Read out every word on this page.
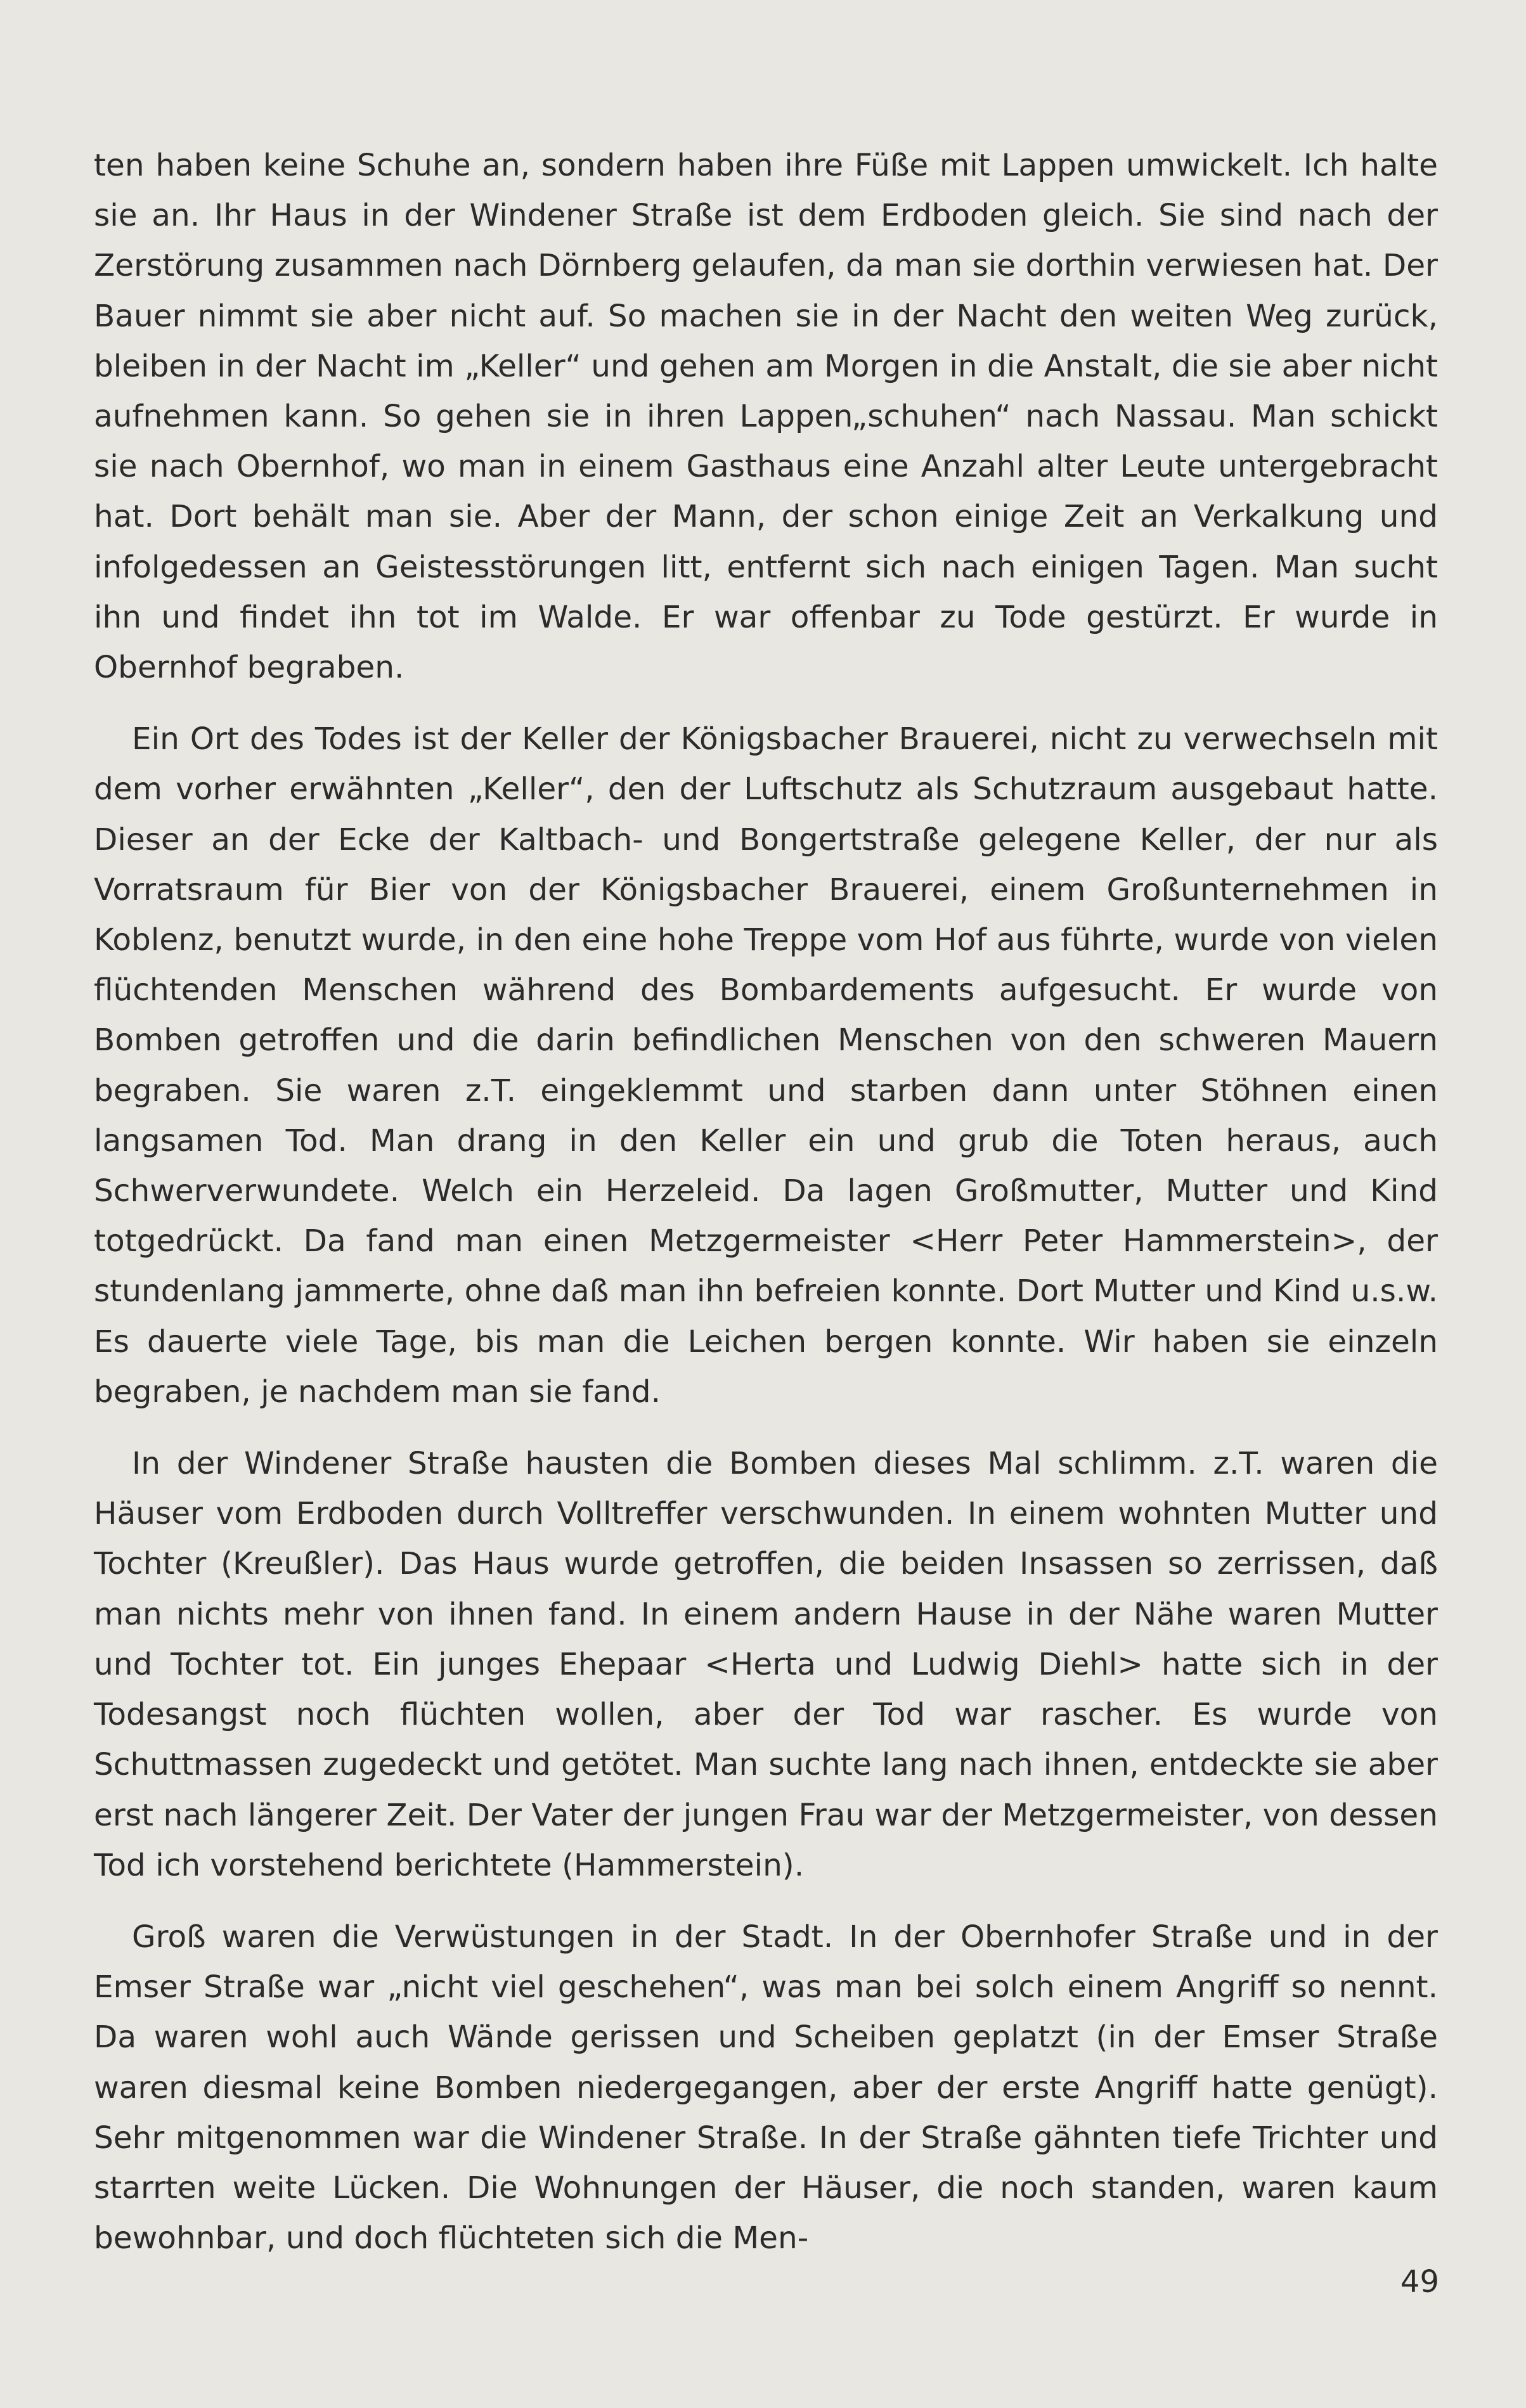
ten haben keine Schuhe an, sondern haben ihre Füße mit Lappen umwickelt. Ich halte sie an. Ihr Haus in der Windener Straße ist dem Erdboden gleich. Sie sind nach der Zerstörung zusammen nach Dörnberg gelaufen, da man sie dorthin verwiesen hat. Der Bauer nimmt sie aber nicht auf. So machen sie in der Nacht den weiten Weg zurück, bleiben in der Nacht im „Keller“ und gehen am Morgen in die Anstalt, die sie aber nicht aufnehmen kann. So gehen sie in ihren Lappen„schuhen“ nach Nassau. Man schickt sie nach Obernhof, wo man in einem Gasthaus eine Anzahl alter Leute untergebracht hat. Dort behält man sie. Aber der Mann, der schon einige Zeit an Verkalkung und infolgedessen an Geistesstörungen litt, entfernt sich nach einigen Tagen. Man sucht ihn und findet ihn tot im Walde. Er war offenbar zu Tode gestürzt. Er wurde in Obernhof begraben.

Ein Ort des Todes ist der Keller der Königsbacher Brauerei, nicht zu verwechseln mit dem vorher erwähnten „Keller“, den der Luftschutz als Schutzraum ausgebaut hatte. Dieser an der Ecke der Kaltbach- und Bongertstraße gelegene Keller, der nur als Vorratsraum für Bier von der Königsbacher Brauerei, einem Großunternehmen in Koblenz, benutzt wurde, in den eine hohe Treppe vom Hof aus führte, wurde von vielen flüchtenden Menschen während des Bombardements aufgesucht. Er wurde von Bomben getroffen und die darin befindlichen Menschen von den schweren Mauern begraben. Sie waren z.T. eingeklemmt und starben dann unter Stöhnen einen langsamen Tod. Man drang in den Keller ein und grub die Toten heraus, auch Schwerverwundete. Welch ein Herzeleid. Da lagen Großmutter, Mutter und Kind totgedrückt. Da fand man einen Metzgermeister <Herr Peter Hammerstein>, der stundenlang jammerte, ohne daß man ihn befreien konnte. Dort Mutter und Kind u.s.w. Es dauerte viele Tage, bis man die Leichen bergen konnte. Wir haben sie einzeln begraben, je nachdem man sie fand.

In der Windener Straße hausten die Bomben dieses Mal schlimm. z.T. waren die Häuser vom Erdboden durch Volltreffer verschwunden. In einem wohnten Mutter und Tochter (Kreußler). Das Haus wurde getroffen, die beiden Insassen so zerrissen, daß man nichts mehr von ihnen fand. In einem andern Hause in der Nähe waren Mutter und Tochter tot. Ein junges Ehepaar <Herta und Ludwig Diehl> hatte sich in der Todesangst noch flüchten wollen, aber der Tod war rascher. Es wurde von Schuttmassen zugedeckt und getötet. Man suchte lang nach ihnen, entdeckte sie aber erst nach längerer Zeit. Der Vater der jungen Frau war der Metzgermeister, von dessen Tod ich vorstehend berichtete (Hammerstein).

Groß waren die Verwüstungen in der Stadt. In der Obernhofer Straße und in der Emser Straße war „nicht viel geschehen“, was man bei solch einem Angriff so nennt. Da waren wohl auch Wände gerissen und Scheiben geplatzt (in der Emser Straße waren diesmal keine Bomben niedergegangen, aber der erste Angriff hatte genügt). Sehr mitgenommen war die Windener Straße. In der Straße gähnten tiefe Trichter und starrten weite Lücken. Die Wohnungen der Häuser, die noch standen, waren kaum bewohnbar, und doch flüchteten sich die Men-

49
